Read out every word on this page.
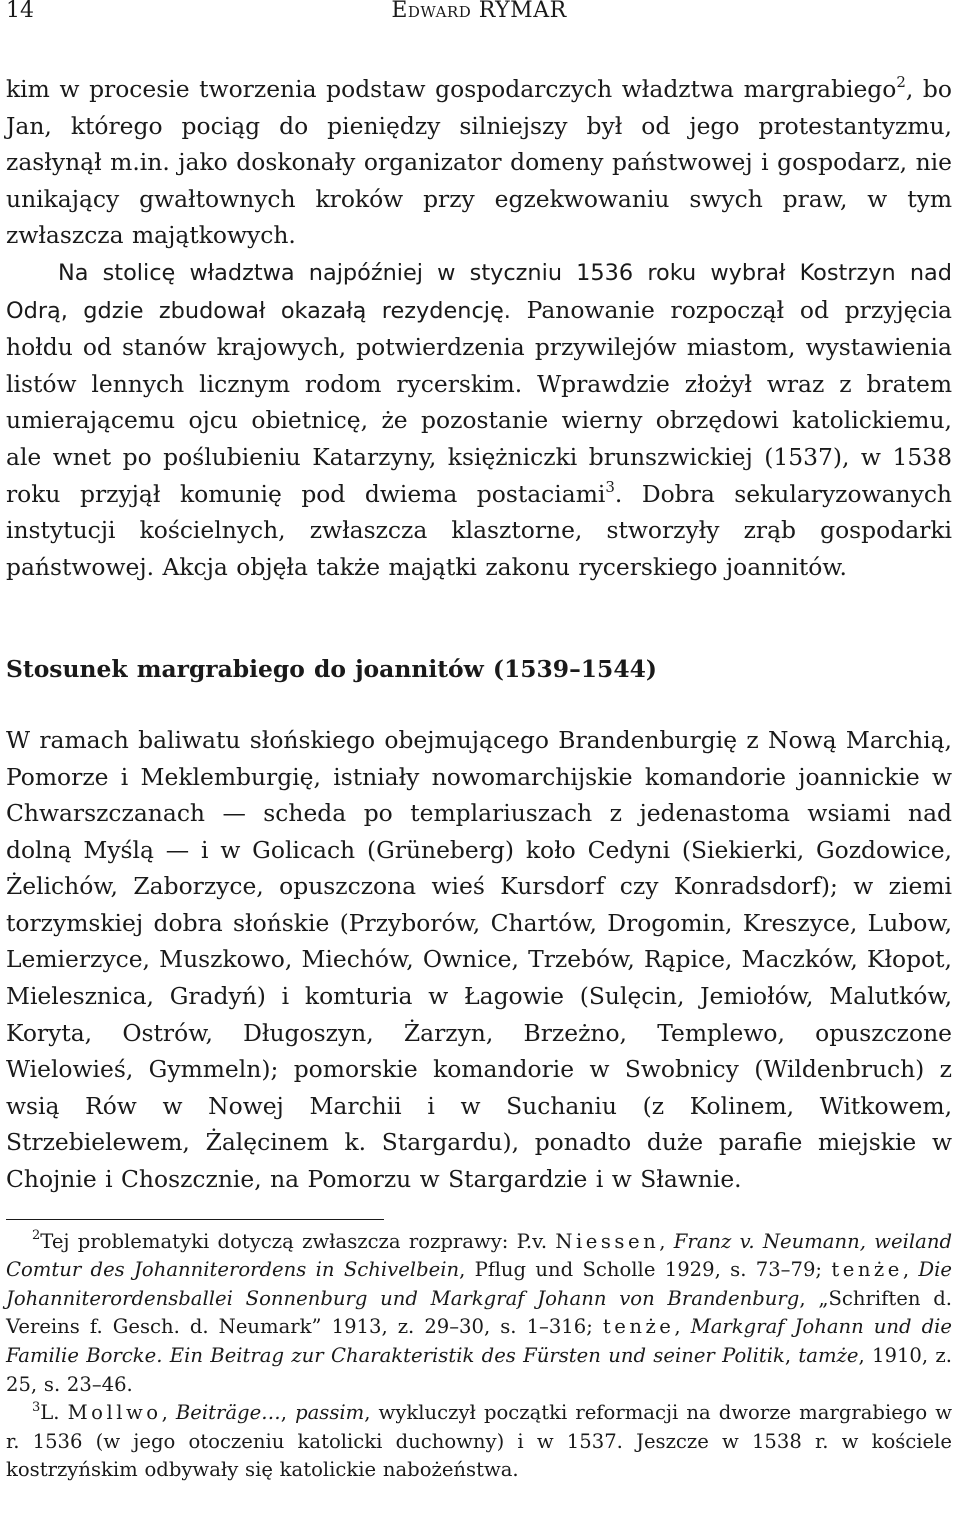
14	Edward RYMAR

kim w procesie tworzenia podstaw gospodarczych władztwa margrabiego$^2$, bo Jan, którego pociąg do pieniędzy silniejszy był od jego protestantyzmu, zasłynął m.in. jako doskonały organizator domeny państwowej i gospodarz, nie unikający gwałtownych kroków przy egzekwowaniu swych praw, w tym zwłaszcza majątkowych.

Na stolicę władztwa najpóźniej w styczniu 1536 roku wybrał Kostrzyn nad Odrą, gdzie zbudował okazałą rezydencję. Panowanie rozpoczął od przyjęcia hołdu od stanów krajowych, potwierdzenia przywilejów miastom, wystawienia listów lennych licznym rodom rycerskim. Wprawdzie złożył wraz z bratem umierającemu ojcu obietnicę, że pozostanie wierny obrzędowi katolickiemu, ale wnet po poślubieniu Katarzyny, księżniczki brunszwickiej (1537), w 1538 roku przyjął komunię pod dwiema postaciami$^3$. Dobra sekularyzowanych instytucji kościelnych, zwłaszcza klasztorne, stworzyły zrąb gospodarki państwowej. Akcja objęła także majątki zakonu rycerskiego joannitów.

Stosunek margrabiego do joannitów (1539–1544)

W ramach baliwatu słońskiego obejmującego Brandenburgię z Nową Marchią, Pomorze i Meklemburgię, istniały nowomarchijskie komandorie joannickie w Chwarszczanach — scheda po templariuszach z jedenastoma wsiami nad dolną Myślą — i w Golicach (Grüneberg) koło Cedyni (Siekierki, Gozdowice, Żelichów, Zaborzyce, opuszczona wieś Kursdorf czy Konradsdorf); w ziemi torzymskiej dobra słońskie (Przyborów, Chartów, Drogomin, Kreszyce, Lubow, Lemierzyce, Muszkowo, Miechów, Ownice, Trzebów, Rąpice, Maczków, Kłopot, Mielesznica, Gradyń) i komturia w Łagowie (Sulęcin, Jemiołów, Malutków, Koryta, Ostrów, Długoszyn, Żarzyn, Brzeżno, Templewo, opuszczone Wielowieś, Gymmeln); pomorskie komandorie w Swobnicy (Wildenbruch) z wsią Rów w Nowej Marchii i w Suchaniu (z Kolinem, Witkowem, Strzebielewem, Żalęcinem k. Stargardu), ponadto duże parafie miejskie w Chojnie i Choszcznie, na Pomorzu w Stargardzie i w Sławnie.

$^2$Tej problematyki dotyczą zwłaszcza rozprawy: P.v. Niessen, Franz v. Neumann, weiland Comtur des Johanniterordens in Schivelbein, Pflug und Scholle 1929, s. 73–79; tenże, Die Johanniterordensballei Sonnenburg und Markgraf Johann von Brandenburg, „Schriften d. Vereins f. Gesch. d. Neumark” 1913, z. 29–30, s. 1–316; tenże, Markgraf Johann und die Familie Borcke. Ein Beitrag zur Charakteristik des Fürsten und seiner Politik, tamże, 1910, z. 25, s. 23–46.

$^3$L. Mollwo, Beiträge…, passim, wykluczył początki reformacji na dworze margrabiego w r. 1536 (w jego otoczeniu katolicki duchowny) i w 1537. Jeszcze w 1538 r. w kościele kostrzyńskim odbywały się katolickie nabożeństwa.
